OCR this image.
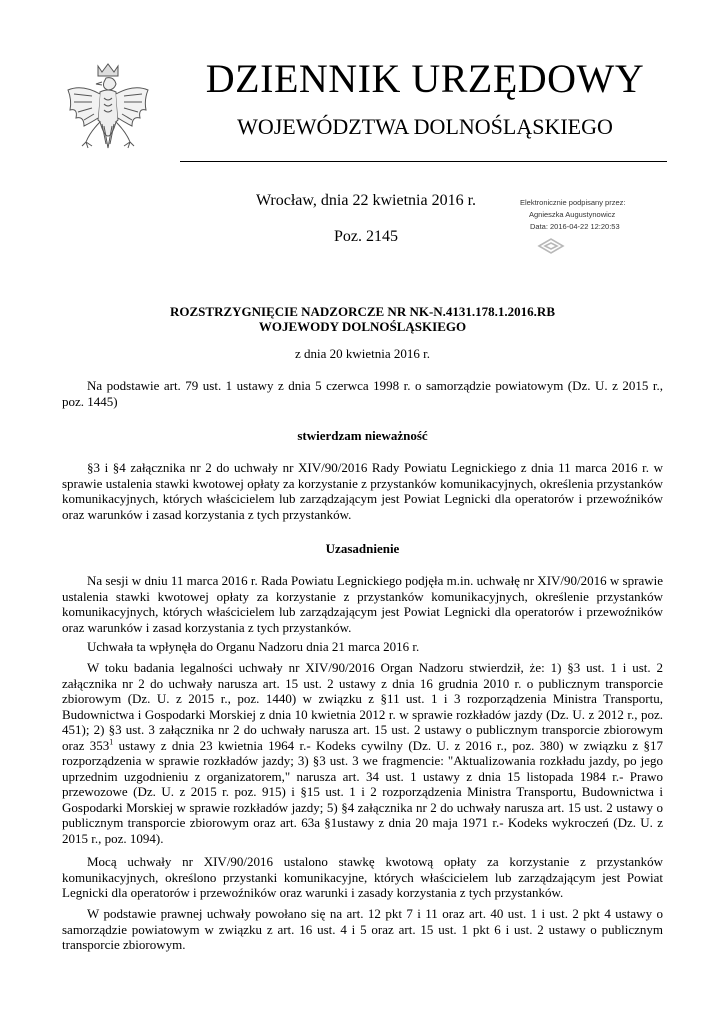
DZIENNIK URZĘDOWY
WOJEWÓDZTWA DOLNOŚLĄSKIEGO
Wrocław, dnia 22 kwietnia 2016 r.
Poz. 2145
Elektronicznie podpisany przez:
Agnieszka Augustynowicz
Data: 2016-04-22 12:20:53
ROZSTRZYGNIĘCIE NADZORCZE NR NK-N.4131.178.1.2016.RB
WOJEWODY DOLNOŚLĄSKIEGO
z dnia 20 kwietnia 2016 r.

Na podstawie art. 79 ust. 1 ustawy z dnia 5 czerwca 1998 r. o samorządzie powiatowym (Dz. U. z 2015 r., poz. 1445)

stwierdzam nieważność

§3 i §4 załącznika nr 2 do uchwały nr XIV/90/2016 Rady Powiatu Legnickiego z dnia 11 marca 2016 r. w sprawie ustalenia stawki kwotowej opłaty za korzystanie z przystanków komunikacyjnych, określenia przystanków komunikacyjnych, których właścicielem lub zarządzającym jest Powiat Legnicki dla operatorów i przewoźników oraz warunków i zasad korzystania z tych przystanków.

Uzasadnienie

Na sesji w dniu 11 marca 2016 r. Rada Powiatu Legnickiego podjęła m.in. uchwałę nr XIV/90/2016 w sprawie ustalenia stawki kwotowej opłaty za korzystanie z przystanków komunikacyjnych, określenie przystanków komunikacyjnych, których właścicielem lub zarządzającym jest Powiat Legnicki dla operatorów i przewoźników oraz warunków i zasad korzystania z tych przystanków.

Uchwała ta wpłynęła do Organu Nadzoru dnia 21 marca 2016 r.

W toku badania legalności uchwały nr XIV/90/2016 Organ Nadzoru stwierdził, że: 1) §3 ust. 1 i ust. 2 załącznika nr 2 do uchwały narusza art. 15 ust. 2 ustawy z dnia 16 grudnia 2010 r. o publicznym transporcie zbiorowym (Dz. U. z 2015 r., poz. 1440) w związku z §11 ust. 1 i 3 rozporządzenia Ministra Transportu, Budownictwa i Gospodarki Morskiej z dnia 10 kwietnia 2012 r. w sprawie rozkładów jazdy (Dz. U. z 2012 r., poz. 451); 2) §3 ust. 3 załącznika nr 2 do uchwały narusza art. 15 ust. 2 ustawy o publicznym transporcie zbiorowym oraz $353^1$ ustawy z dnia 23 kwietnia 1964 r.- Kodeks cywilny (Dz. U. z 2016 r., poz. 380) w związku z §17 rozporządzenia w sprawie rozkładów jazdy; 3) §3 ust. 3 we fragmencie: "Aktualizowania rozkładu jazdy, po jego uprzednim uzgodnieniu z organizatorem," narusza art. 34 ust. 1 ustawy z dnia 15 listopada 1984 r.- Prawo przewozowe (Dz. U. z 2015 r. poz. 915) i §15 ust. 1 i 2 rozporządzenia Ministra Transportu, Budownictwa i Gospodarki Morskiej w sprawie rozkładów jazdy; 5) §4 załącznika nr 2 do uchwały narusza art. 15 ust. 2 ustawy o publicznym transporcie zbiorowym oraz art. 63a §1ustawy z dnia 20 maja 1971 r.- Kodeks wykroczeń (Dz. U. z 2015 r., poz. 1094).

Mocą uchwały nr XIV/90/2016 ustalono stawkę kwotową opłaty za korzystanie z przystanków komunikacyjnych, określono przystanki komunikacyjne, których właścicielem lub zarządzającym jest Powiat Legnicki dla operatorów i przewoźników oraz warunki i zasady korzystania z tych przystanków.

W podstawie prawnej uchwały powołano się na art. 12 pkt 7 i 11 oraz art. 40 ust. 1 i ust. 2 pkt 4 ustawy o samorządzie powiatowym w związku z art. 16 ust. 4 i 5 oraz art. 15 ust. 1 pkt 6 i ust. 2 ustawy o publicznym transporcie zbiorowym.
